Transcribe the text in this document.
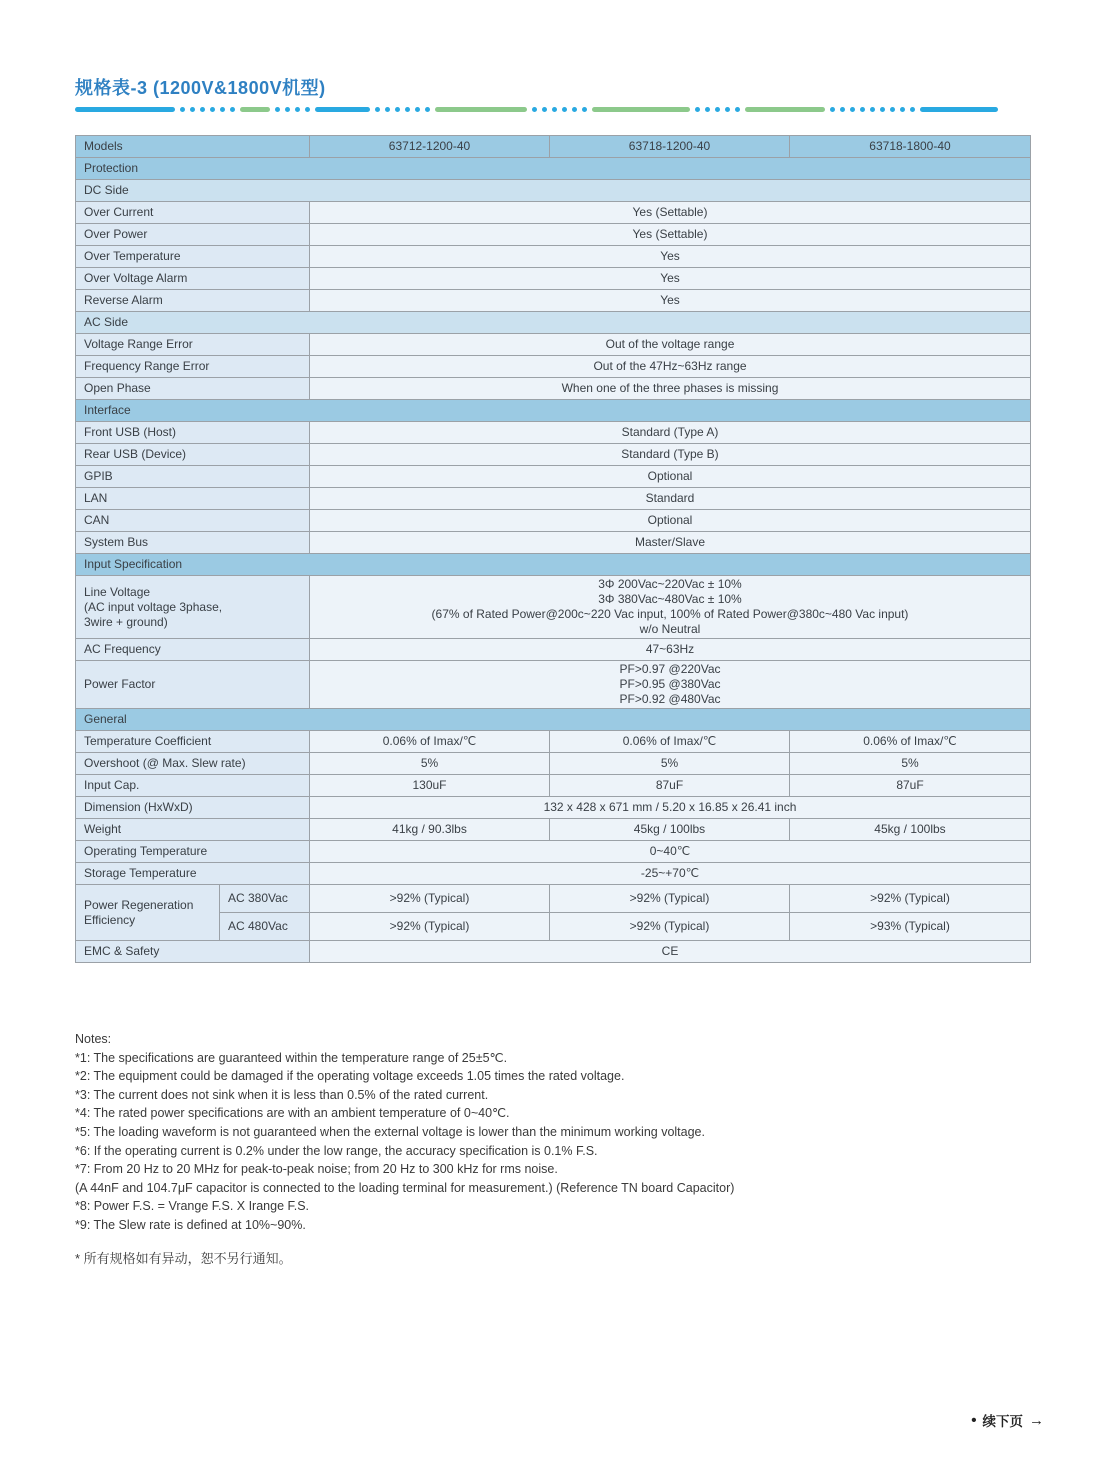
规格表-3 (1200V&1800V机型)
Models		63712-1200-40	63718-1200-40	63718-1800-40
Protection				
DC Side				
Over Current		Yes (Settable)		
Over Power		Yes (Settable)		
Over Temperature		Yes		
Over Voltage Alarm		Yes		
Reverse Alarm		Yes		
AC Side				
Voltage Range Error		Out of the voltage range		
Frequency Range Error		Out of the 47Hz~63Hz range		
Open Phase		When one of the three phases is missing		
Interface				
Front USB (Host)		Standard (Type A)		
Rear USB (Device)		Standard (Type B)		
GPIB		Optional		
LAN		Standard		
CAN		Optional		
System Bus		Master/Slave		
Input Specification				

Line Voltage
(AC input voltage 3phase,
3wire + ground)		3Φ 200Vac~220Vac ± 10%
3Φ 380Vac~480Vac ± 10%
(67% of Rated Power@200c~220 Vac input, 100% of Rated Power@380c~480 Vac input)
w/o Neutral		

AC Frequency		47~63Hz		
Power Factor		PF>0.97 @220Vac
PF>0.95 @380Vac
PF>0.92 @480Vac		

General				
Temperature Coefficient		0.06% of Imax/℃	0.06% of Imax/℃	0.06% of Imax/℃
Overshoot (@ Max. Slew rate)		5%	5%	5%
Input Cap.		130uF	87uF	87uF
Dimension (HxWxD)		132 x 428 x 671 mm / 5.20 x 16.85 x 26.41 inch		
Weight		41kg / 90.3lbs	45kg / 100lbs	45kg / 100lbs
Operating Temperature		0~40℃		
Storage Temperature		-25~+70℃		
Power Regeneration Efficiency	AC 380Vac	>92% (Typical)	>92% (Typical)	>92% (Typical)
	AC 480Vac	>92% (Typical)	>92% (Typical)	>93% (Typical)
EMC & Safety		CE		
Notes:
*1: The specifications are guaranteed within the temperature range of 25±5℃.
*2: The equipment could be damaged if the operating voltage exceeds 1.05 times the rated voltage.
*3: The current does not sink when it is less than 0.5% of the rated current.
*4: The rated power specifications are with an ambient temperature of 0~40℃.
*5: The loading waveform is not guaranteed when the external voltage is lower than the minimum working voltage.
*6: If the operating current is 0.2% under the low range, the accuracy specification is 0.1% F.S.
*7: From 20 Hz to 20 MHz for peak-to-peak noise; from 20 Hz to 300 kHz for rms noise.
(A 44nF and 104.7μF capacitor is connected to the loading terminal for measurement.) (Reference TN board Capacitor)
*8: Power F.S. = Vrange F.S. X Irange F.S.
*9: The Slew rate is defined at 10%~90%.
* 所有规格如有异动，恕不另行通知。
• 续下页 →
